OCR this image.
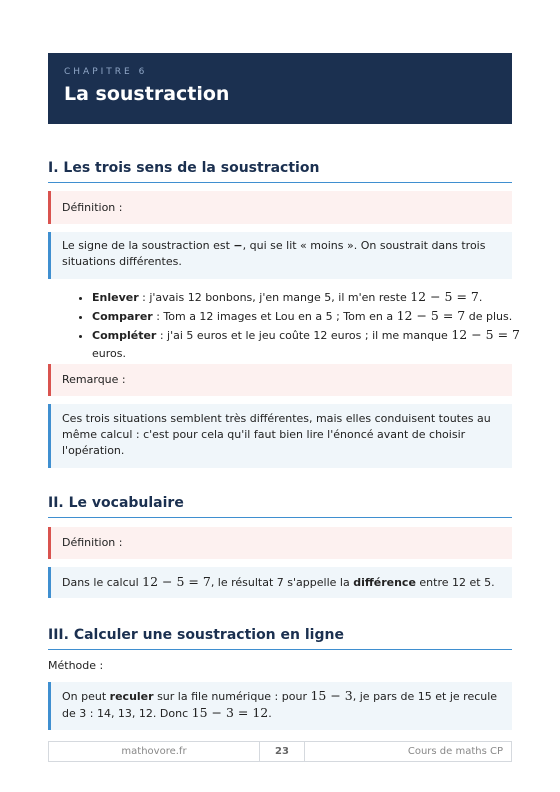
CHAPITRE 6
La soustraction
I. Les trois sens de la soustraction
Définition :
Le signe de la soustraction est −, qui se lit « moins ». On soustrait dans trois situations différentes.
• Enlever : j'avais 12 bonbons, j'en mange 5, il m'en reste 12 − 5 = 7.
• Comparer : Tom a 12 images et Lou en a 5 ; Tom en a 12 − 5 = 7 de plus.
• Compléter : j'ai 5 euros et le jeu coûte 12 euros ; il me manque 12 − 5 = 7 euros.
Remarque :
Ces trois situations semblent très différentes, mais elles conduisent toutes au même calcul : c'est pour cela qu'il faut bien lire l'énoncé avant de choisir l'opération.
II. Le vocabulaire
Définition :
Dans le calcul 12 − 5 = 7, le résultat 7 s'appelle la différence entre 12 et 5.
III. Calculer une soustraction en ligne
Méthode :
On peut reculer sur la file numérique : pour 15 − 3, je pars de 15 et je recule de 3 : 14, 13, 12. Donc 15 − 3 = 12.
mathovore.fr	23	Cours de maths CP
